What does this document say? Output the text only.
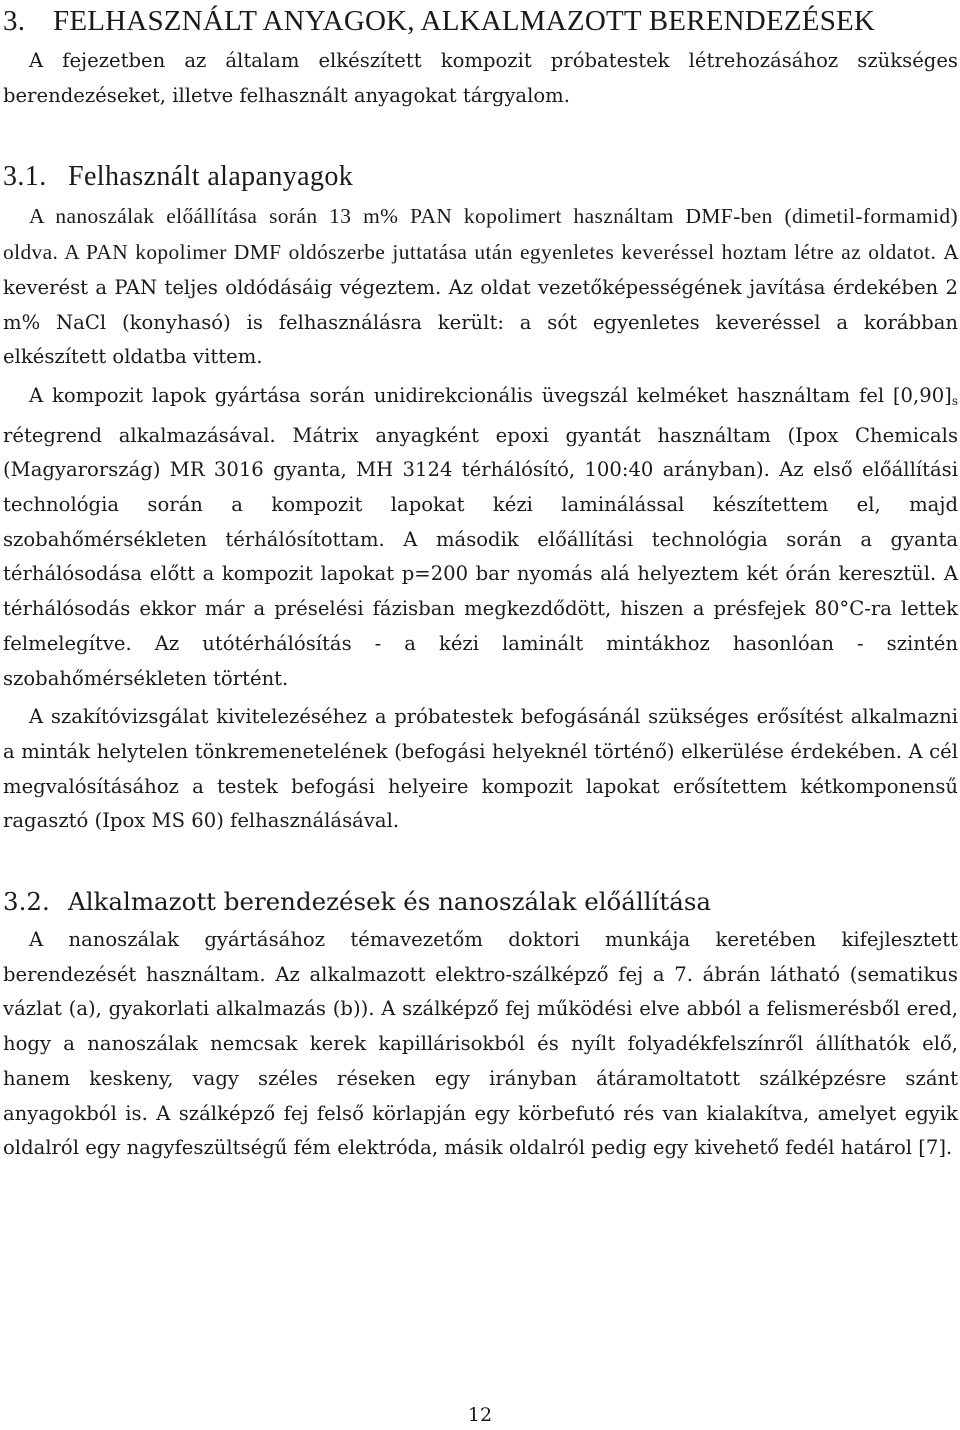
3. FELHASZNÁLT ANYAGOK, ALKALMAZOTT BERENDEZÉSEK

A fejezetben az általam elkészített kompozit próbatestek létrehozásához szükséges berendezéseket, illetve felhasznált anyagokat tárgyalom.

3.1. Felhasznált alapanyagok

A nanoszálak előállítása során 13 m% PAN kopolimert használtam DMF-ben (dimetil-formamid) oldva. A PAN kopolimer DMF oldószerbe juttatása után egyenletes keveréssel hoztam létre az oldatot. A keverést a PAN teljes oldódásáig végeztem. Az oldat vezetőképességének javítása érdekében 2 m% NaCl (konyhasó) is felhasználásra került: a sót egyenletes keveréssel a korábban elkészített oldatba vittem.

A kompozit lapok gyártása során unidirekcionális üvegszál kelméket használtam fel $[0,90]_s$ rétegrend alkalmazásával. Mátrix anyagként epoxi gyantát használtam (Ipox Chemicals (Magyarország) MR 3016 gyanta, MH 3124 térhálósító, 100:40 arányban). Az első előállítási technológia során a kompozit lapokat kézi laminálással készítettem el, majd szobahőmérsékleten térhálósítottam. A második előállítási technológia során a gyanta térhálósodása előtt a kompozit lapokat p=200 bar nyomás alá helyeztem két órán keresztül. A térhálósodás ekkor már a préselési fázisban megkezdődött, hiszen a présfejek 80°C-ra lettek felmelegítve. Az utótérhálósítás - a kézi laminált mintákhoz hasonlóan - szintén szobahőmérsékleten történt.

A szakítóvizsgálat kivitelezéséhez a próbatestek befogásánál szükséges erősítést alkalmazni a minták helytelen tönkremenetelének (befogási helyeknél történő) elkerülése érdekében. A cél megvalósításához a testek befogási helyeire kompozit lapokat erősítettem kétkomponensű ragasztó (Ipox MS 60) felhasználásával.

3.2. Alkalmazott berendezések és nanoszálak előállítása

A nanoszálak gyártásához témavezetőm doktori munkája keretében kifejlesztett berendezését használtam. Az alkalmazott elektro-szálképző fej a 7. ábrán látható (sematikus vázlat (a), gyakorlati alkalmazás (b)). A szálképző fej működési elve abból a felismerésből ered, hogy a nanoszálak nemcsak kerek kapillárisokból és nyílt folyadékfelszínről állíthatók elő, hanem keskeny, vagy széles réseken egy irányban átáramoltatott szálképzésre szánt anyagokból is. A szálképző fej felső körlapján egy körbefutó rés van kialakítva, amelyet egyik oldalról egy nagyfeszültségű fém elektróda, másik oldalról pedig egy kivehető fedél határol [7].

12
